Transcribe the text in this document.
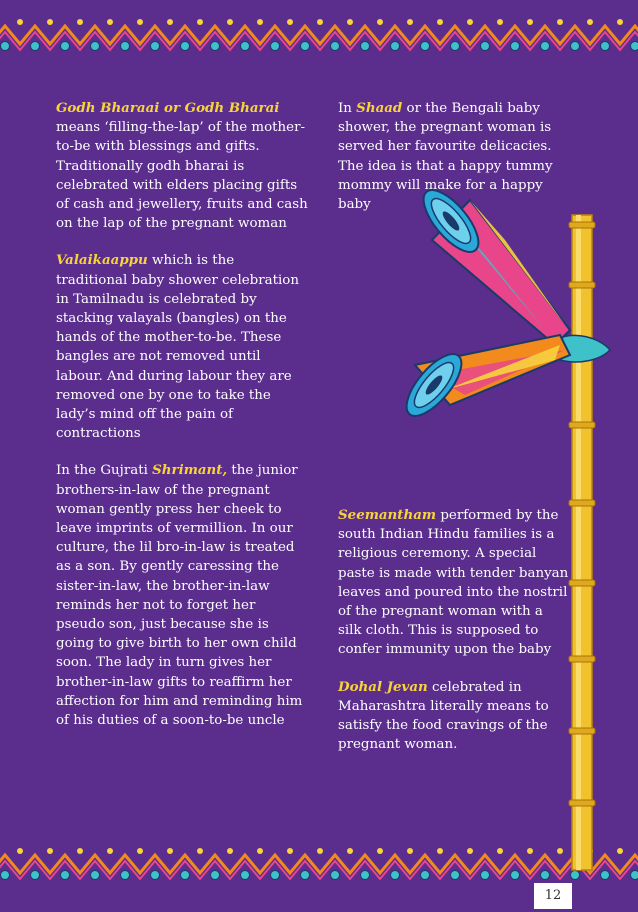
Godh Bharaai or Godh Bharai means ‘filling-the-lap’ of the mother-to-be with blessings and gifts. Traditionally godh bharai is celebrated with elders placing gifts of cash and jewellery, fruits and cash on the lap of the pregnant woman

Valaikaappu which is the traditional baby shower celebration in Tamilnadu is celebrated by stacking valayals (bangles) on the hands of the mother-to-be. These bangles are not removed until labour. And during labour they are removed one by one to take the lady’s mind off the pain of contractions

In the Gujrati Shrimant, the junior brothers-in-law of the pregnant woman gently press her cheek to leave imprints of vermillion. In our culture, the lil bro-in-law is treated as a son. By gently caressing the sister-in-law, the brother-in-law reminds her not to forget her pseudo son, just because she is going to give birth to her own child soon. The lady in turn gives her brother-in-law gifts to reaffirm her affection for him and reminding him of his duties of a soon-to-be uncle

In Shaad or the Bengali baby shower, the pregnant woman is served her favourite delicacies. The idea is that a happy tummy mommy will make for a happy baby

Seemantham performed by the south Indian Hindu families is a religious ceremony. A special paste is made with tender banyan leaves and poured into the nostril of the pregnant woman with a silk cloth. This is supposed to confer immunity upon the baby

Dohal Jevan celebrated in Maharashtra literally means to satisfy the food cravings of the pregnant woman.

12
